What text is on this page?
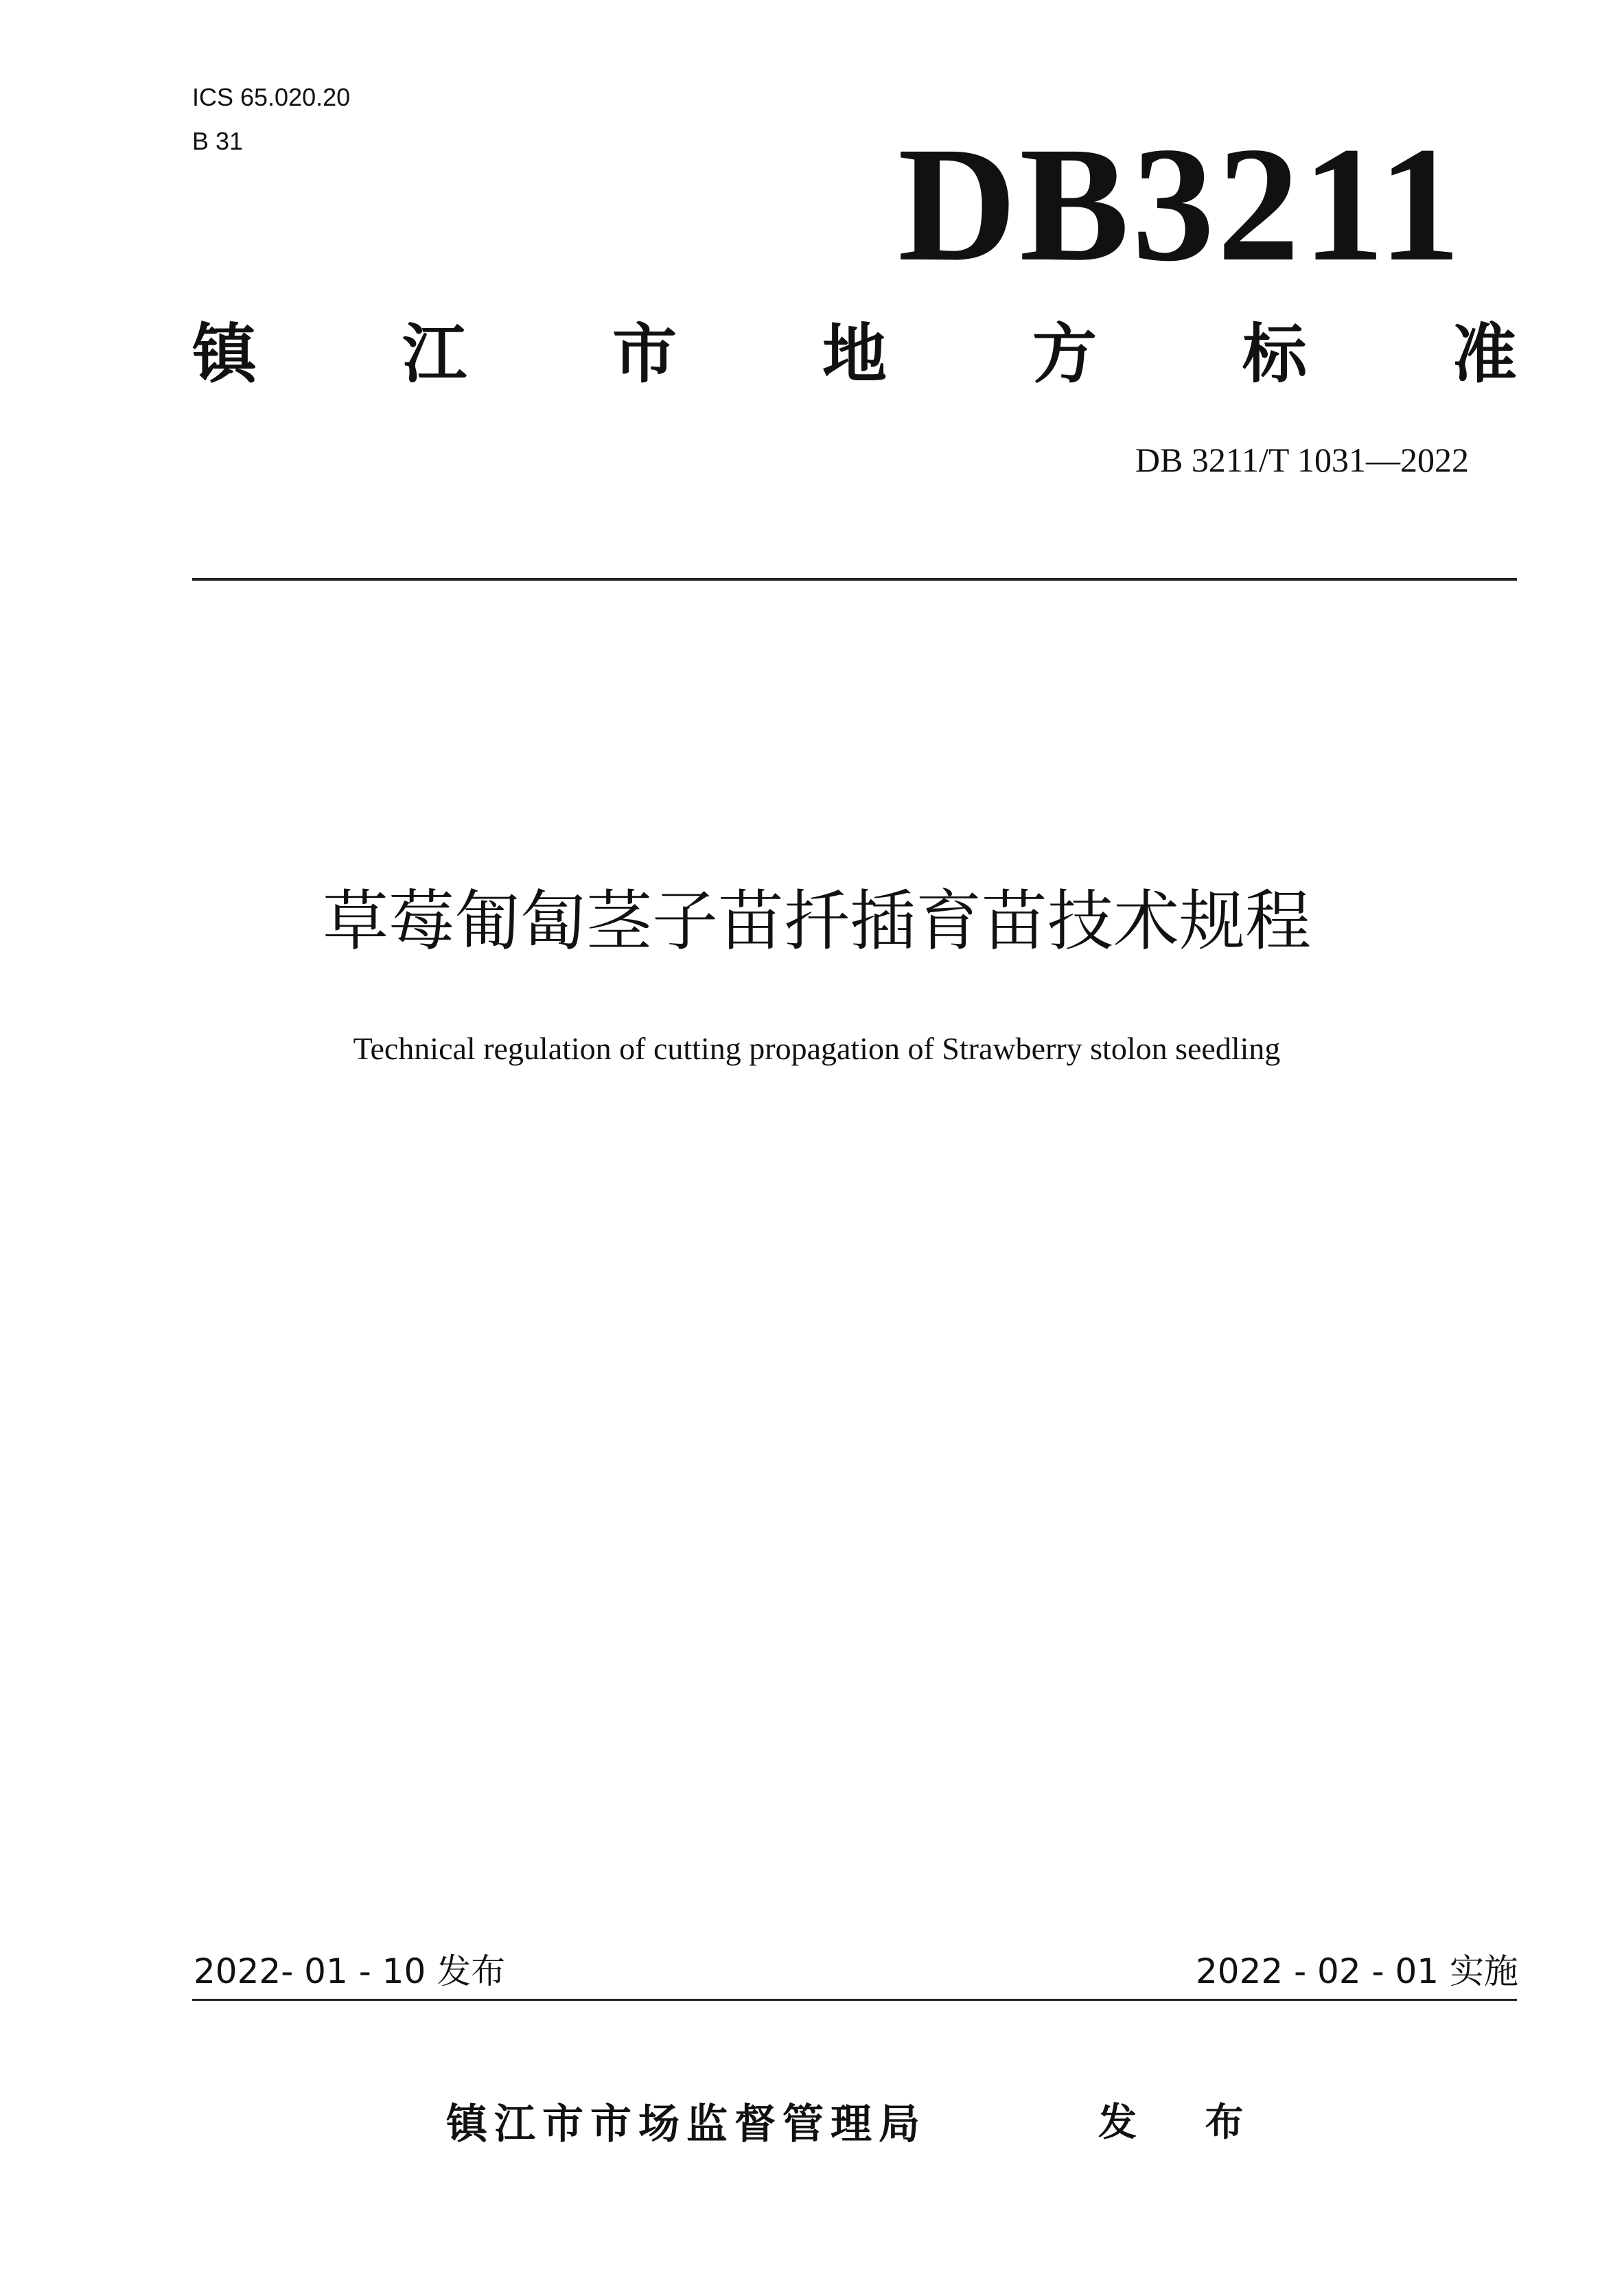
ICS 65.020.20
B 31	DB3211
镇 江 市 地 方 标 准
DB 3211/T 1031—2022
草莓匍匐茎子苗扦插育苗技术规程
Technical regulation of cutting propagation of Strawberry stolon seedling
2022- 01 - 10 发布	2022 - 02 - 01 实施
镇江市市场监督管理局	发 布
